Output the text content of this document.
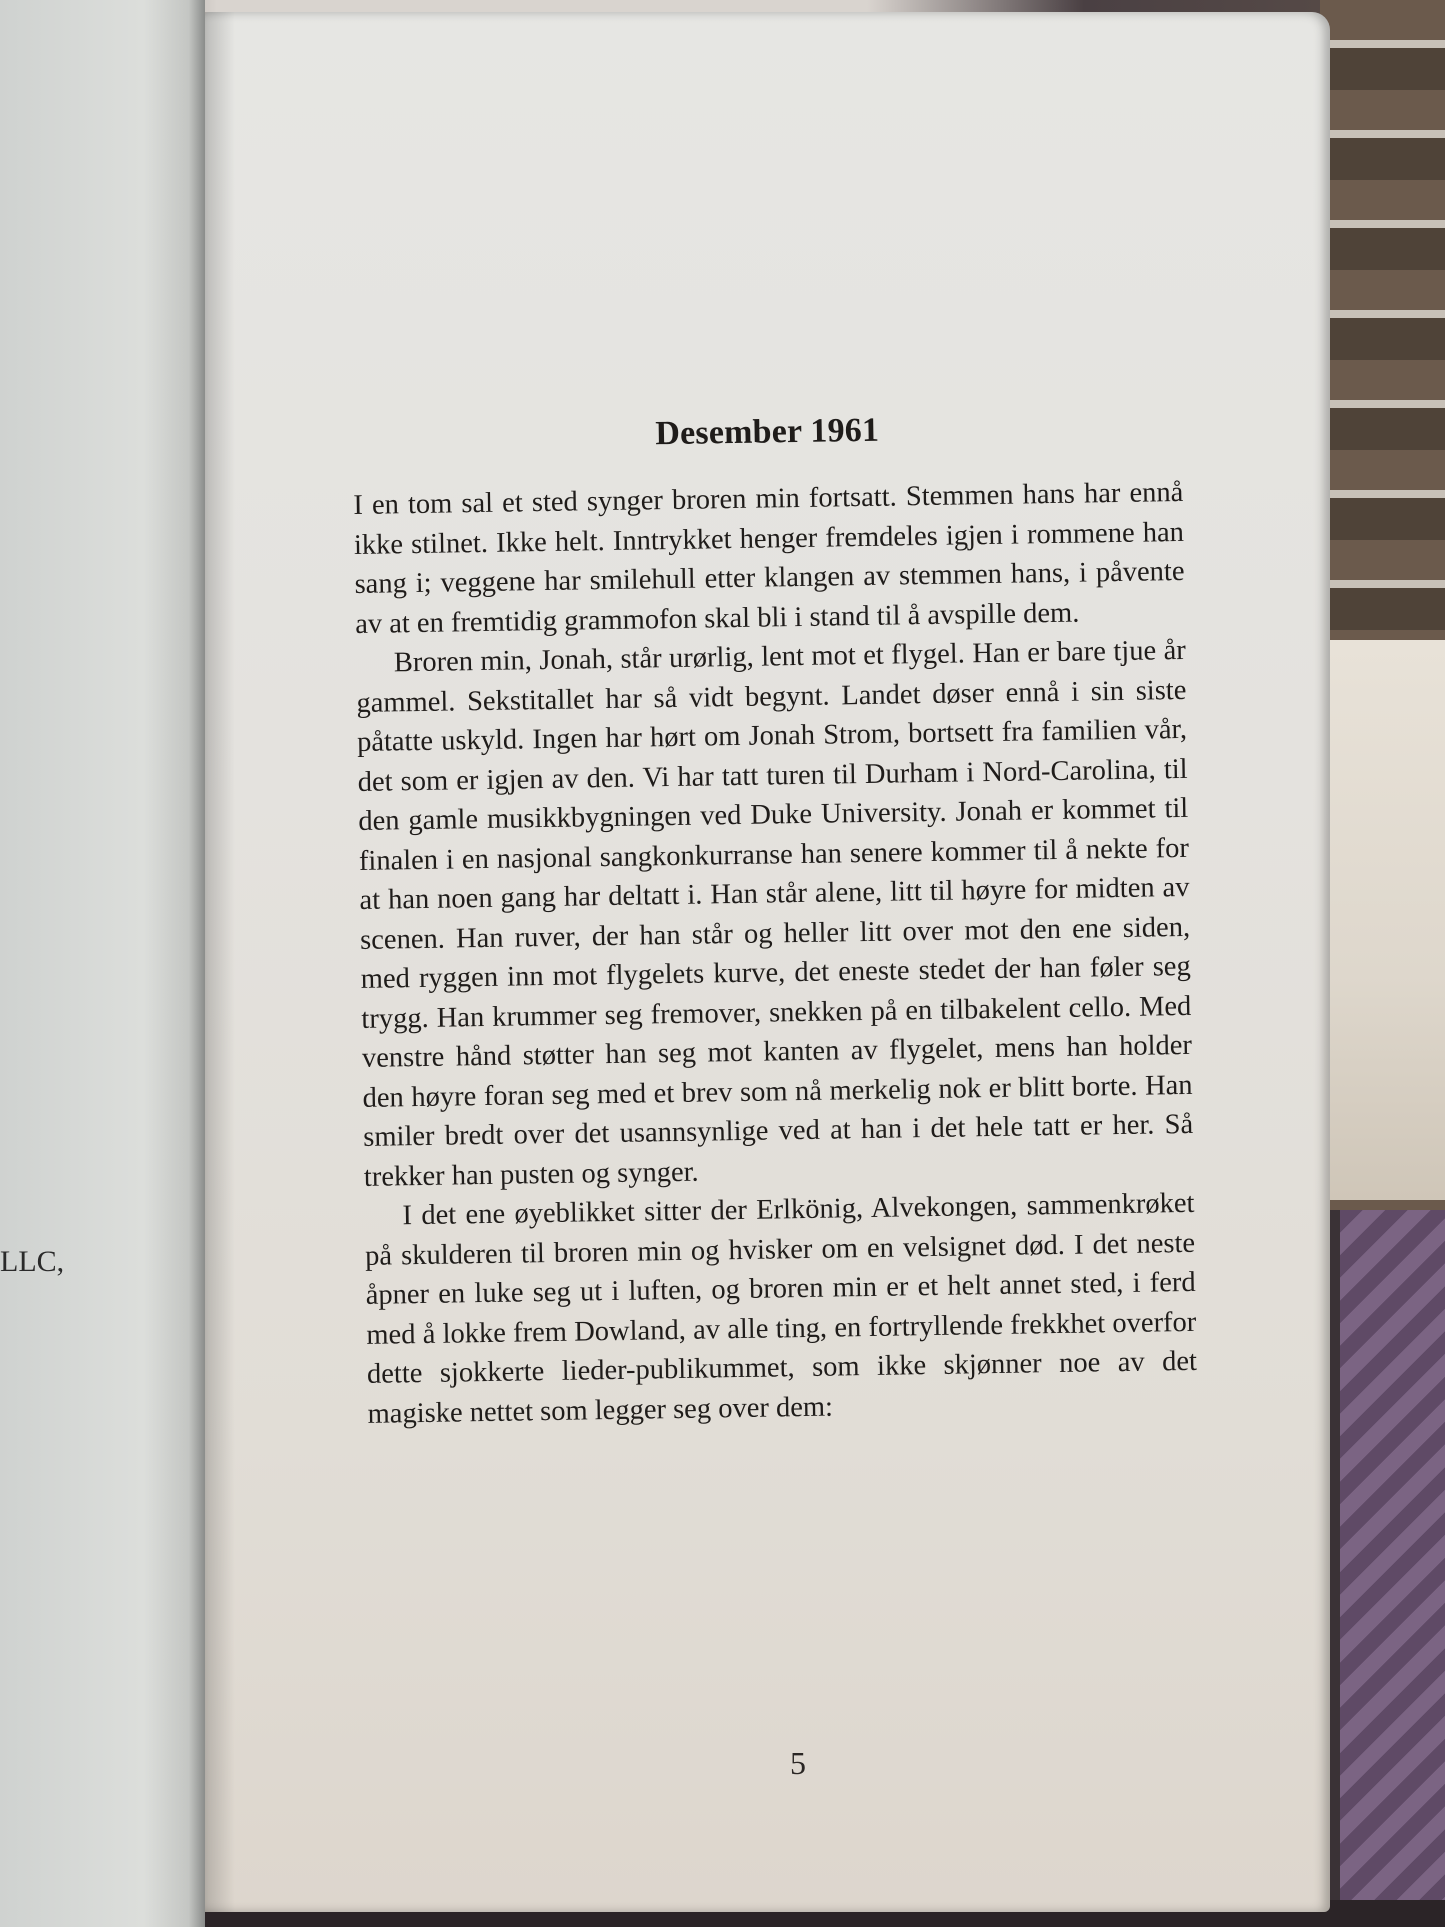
LLC,
Desember 1961

I en tom sal et sted synger broren min fortsatt. Stemmen hans har ennå ikke stilnet. Ikke helt. Inntrykket henger fremdeles igjen i rommene han sang i; veggene har smilehull etter klangen av stemmen hans, i påvente av at en fremtidig grammofon skal bli i stand til å avspille dem.

Broren min, Jonah, står urørlig, lent mot et flygel. Han er bare tjue år gammel. Sekstitallet har så vidt begynt. Landet døser ennå i sin siste påtatte uskyld. Ingen har hørt om Jonah Strom, bortsett fra familien vår, det som er igjen av den. Vi har tatt turen til Durham i Nord-Carolina, til den gamle musikkbygningen ved Duke University. Jonah er kommet til finalen i en nasjonal sangkonkurranse han senere kommer til å nekte for at han noen gang har deltatt i. Han står alene, litt til høyre for midten av scenen. Han ruver, der han står og heller litt over mot den ene siden, med ryggen inn mot flygelets kurve, det eneste stedet der han føler seg trygg. Han krummer seg fremover, snekken på en tilbakelent cello. Med venstre hånd støtter han seg mot kanten av flygelet, mens han holder den høyre foran seg med et brev som nå merkelig nok er blitt borte. Han smiler bredt over det usannsynlige ved at han i det hele tatt er her. Så trekker han pusten og synger.

I det ene øyeblikket sitter der Erlkönig, Alvekongen, sammenkrøket på skulderen til broren min og hvisker om en velsignet død. I det neste åpner en luke seg ut i luften, og broren min er et helt annet sted, i ferd med å lokke frem Dowland, av alle ting, en fortryllende frekkhet overfor dette sjokkerte lieder-publikummet, som ikke skjønner noe av det magiske nettet som legger seg over dem:

5
